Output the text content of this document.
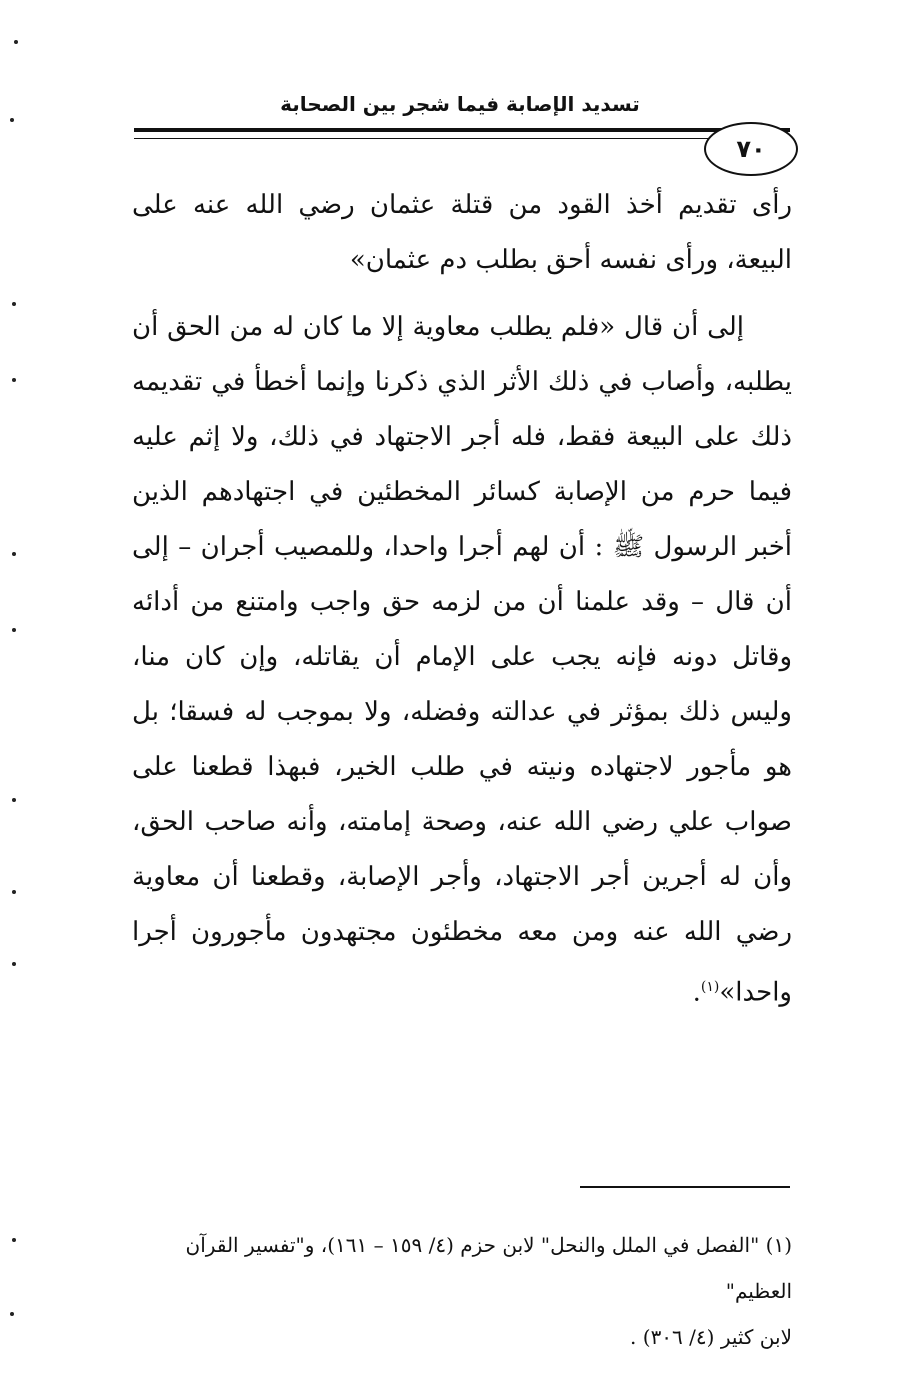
تسديد الإصابة فيما شجر بين الصحابة
٧٠

رأى تقديم أخذ القود من قتلة عثمان رضي الله عنه على البيعة، ورأى نفسه أحق بطلب دم عثمان»

إلى أن قال «فلم يطلب معاوية إلا ما كان له من الحق أن يطلبه، وأصاب في ذلك الأثر الذي ذكرنا وإنما أخطأ في تقديمه ذلك على البيعة فقط، فله أجر الاجتهاد في ذلك، ولا إثم عليه فيما حرم من الإصابة كسائر المخطئين في اجتهادهم الذين أخبر الرسول ﷺ : أن لهم أجرا واحدا، وللمصيب أجران – إلى أن قال – وقد علمنا أن من لزمه حق واجب وامتنع من أدائه وقاتل دونه فإنه يجب على الإمام أن يقاتله، وإن كان منا، وليس ذلك بمؤثر في عدالته وفضله، ولا بموجب له فسقا؛ بل هو مأجور لاجتهاده ونيته في طلب الخير، فبهذا قطعنا على صواب علي رضي الله عنه، وصحة إمامته، وأنه صاحب الحق، وأن له أجرين أجر الاجتهاد، وأجر الإصابة، وقطعنا أن معاوية رضي الله عنه ومن معه مخطئون مجتهدون مأجورون أجرا واحدا»$^{(١)}$.

(١) "الفصل في الملل والنحل" لابن حزم (٤/ ١٥٩ – ١٦١)، و"تفسير القرآن العظيم"

لابن كثير (٤/ ٣٠٦) .
